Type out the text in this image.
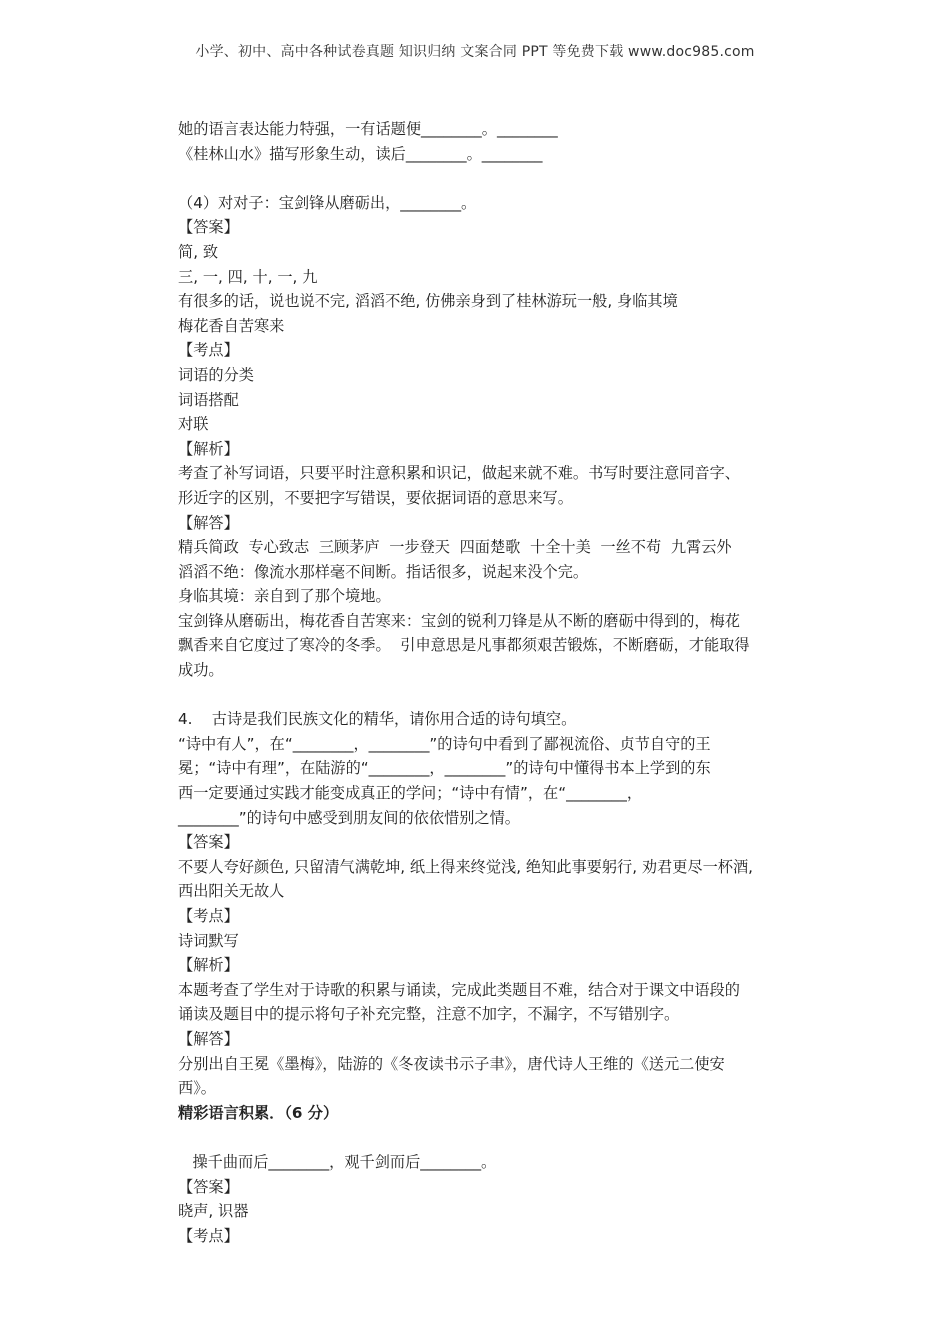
小学、初中、高中各种试卷真题 知识归纳 文案合同 PPT 等免费下载 www.doc985.com
她的语言表达能力特强，一有话题便________。________
《桂林山水》描写形象生动，读后________。________
（4）对对子：宝剑锋从磨砺出，________。
【答案】
简, 致
三, 一, 四, 十, 一, 九
有很多的话，说也说不完, 滔滔不绝, 仿佛亲身到了桂林游玩一般, 身临其境
梅花香自苦寒来
【考点】
词语的分类
词语搭配
对联
【解析】
考查了补写词语，只要平时注意积累和识记，做起来就不难。书写时要注意同音字、
形近字的区别，不要把字写错误，要依据词语的意思来写。
【解答】
精兵简政  专心致志  三顾茅庐  一步登天  四面楚歌  十全十美  一丝不苟  九霄云外
滔滔不绝：像流水那样毫不间断。指话很多，说起来没个完。
身临其境：亲自到了那个境地。
宝剑锋从磨砺出，梅花香自苦寒来：宝剑的锐利刀锋是从不断的磨砺中得到的，梅花
飘香来自它度过了寒冷的冬季。  引申意思是凡事都须艰苦锻炼，不断磨砺，才能取得
成功。
4.    古诗是我们民族文化的精华，请你用合适的诗句填空。
“诗中有人”，在“________，________”的诗句中看到了鄙视流俗、贞节自守的王
冕；“诗中有理”，在陆游的“________，________”的诗句中懂得书本上学到的东
西一定要通过实践才能变成真正的学问；“诗中有情”，在“________，
________”的诗句中感受到朋友间的依依惜别之情。
【答案】
不要人夸好颜色, 只留清气满乾坤, 纸上得来终觉浅, 绝知此事要躬行, 劝君更尽一杯酒,
西出阳关无故人
【考点】
诗词默写
【解析】
本题考查了学生对于诗歌的积累与诵读，完成此类题目不难，结合对于课文中语段的
诵读及题目中的提示将句子补充完整，注意不加字，不漏字，不写错别字。
【解答】
分别出自王冕《墨梅》，陆游的《冬夜读书示子聿》，唐代诗人王维的《送元二使安
西》。
精彩语言积累．（6 分）
操千曲而后________，观千剑而后________。
【答案】
晓声, 识器
【考点】
